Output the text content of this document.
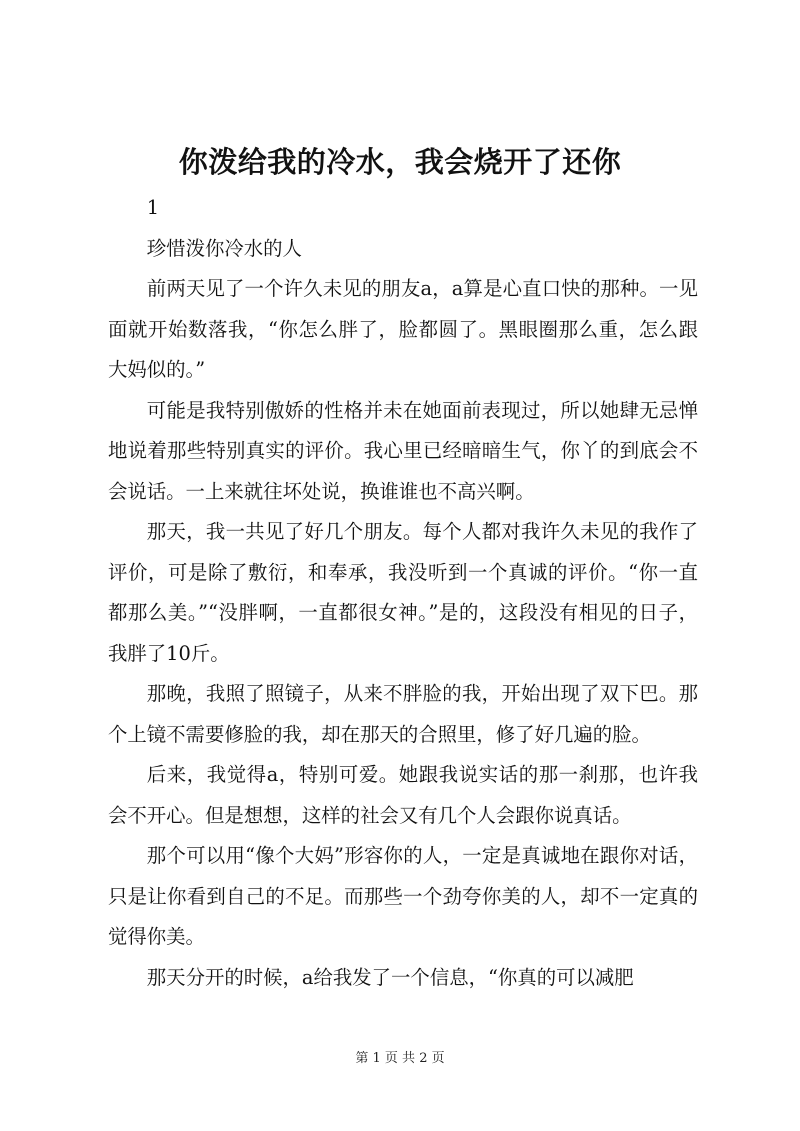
你泼给我的冷水，我会烧开了还你

1

珍惜泼你冷水的人

前两天见了一个许久未见的朋友a，a算是心直口快的那种。一见面就开始数落我，“你怎么胖了，脸都圆了。黑眼圈那么重，怎么跟大妈似的。”

可能是我特别傲娇的性格并未在她面前表现过，所以她肆无忌惮地说着那些特别真实的评价。我心里已经暗暗生气，你丫的到底会不会说话。一上来就往坏处说，换谁谁也不高兴啊。

那天，我一共见了好几个朋友。每个人都对我许久未见的我作了评价，可是除了敷衍，和奉承，我没听到一个真诚的评价。“你一直都那么美。”“没胖啊，一直都很女神。”是的，这段没有相见的日子，我胖了10斤。

那晚，我照了照镜子，从来不胖脸的我，开始出现了双下巴。那个上镜不需要修脸的我，却在那天的合照里，修了好几遍的脸。

后来，我觉得a，特别可爱。她跟我说实话的那一刹那，也许我会不开心。但是想想，这样的社会又有几个人会跟你说真话。

那个可以用“像个大妈”形容你的人，一定是真诚地在跟你对话，只是让你看到自己的不足。而那些一个劲夸你美的人，却不一定真的觉得你美。

那天分开的时候，a给我发了一个信息，“你真的可以减肥

第 1 页 共 2 页
